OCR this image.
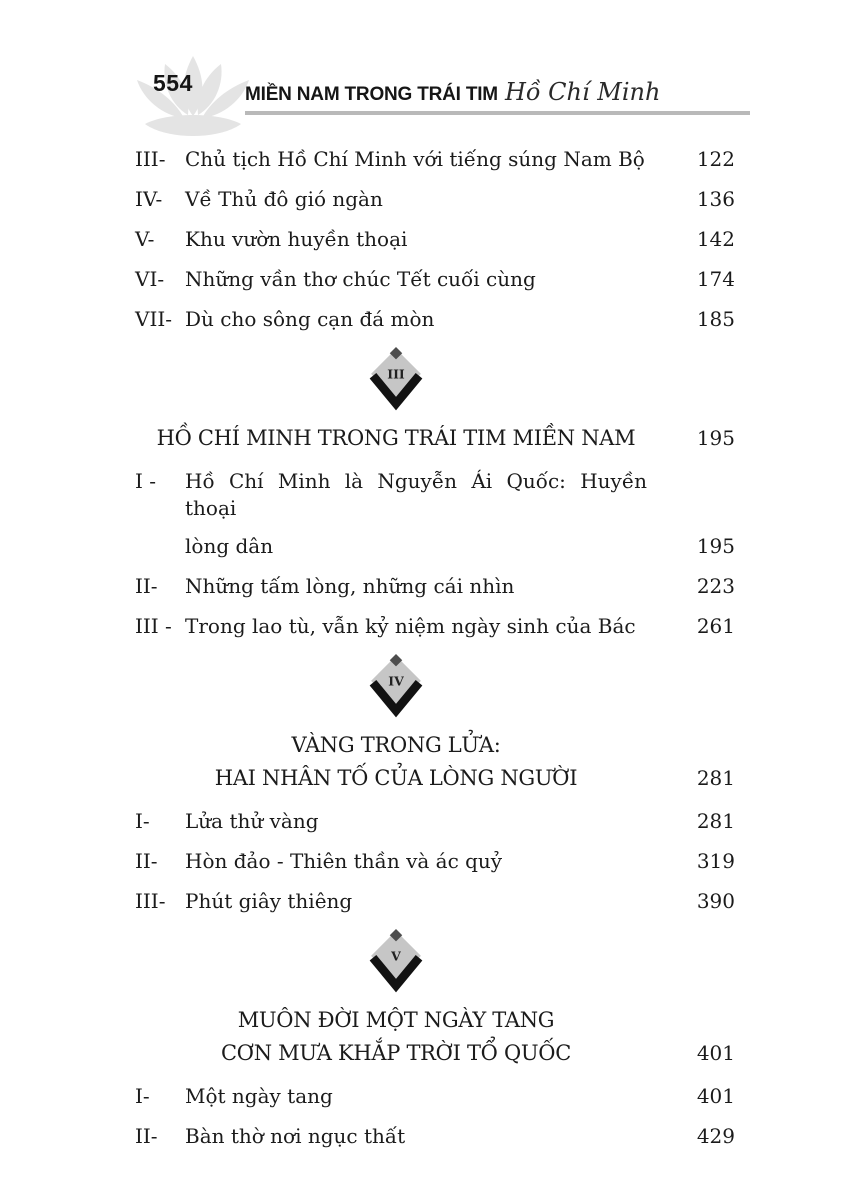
554	MIỀN NAM TRONG TRÁI TIM Hồ Chí Minh
III- Chủ tịch Hồ Chí Minh với tiếng súng Nam Bộ	122
IV-	Về Thủ đô gió ngàn	136
V-	Khu vườn huyền thoại	142
VI-	Những vần thơ chúc Tết cuối cùng	174
VII- Dù cho sông cạn đá mòn	185
III
HỒ CHÍ MINH TRONG TRÁI TIM MIỀN NAM	195
I -	Hồ Chí Minh là Nguyễn Ái Quốc: Huyền thoại
lòng dân	195
II-	Những tấm lòng, những cái nhìn	223
III - Trong lao tù, vẫn kỷ niệm ngày sinh của Bác	261
IV
VÀNG TRONG LỬA:
HAI NHÂN TỐ CỦA LÒNG NGƯỜI	281
I-	Lửa thử vàng	281
II-	Hòn đảo - Thiên thần và ác quỷ	319
III- Phút giây thiêng	390
V
MUÔN ĐỜI MỘT NGÀY TANG
CƠN MƯA KHẮP TRỜI TỔ QUỐC	401
I-	Một ngày tang	401
II-	Bàn thờ nơi ngục thất	429
